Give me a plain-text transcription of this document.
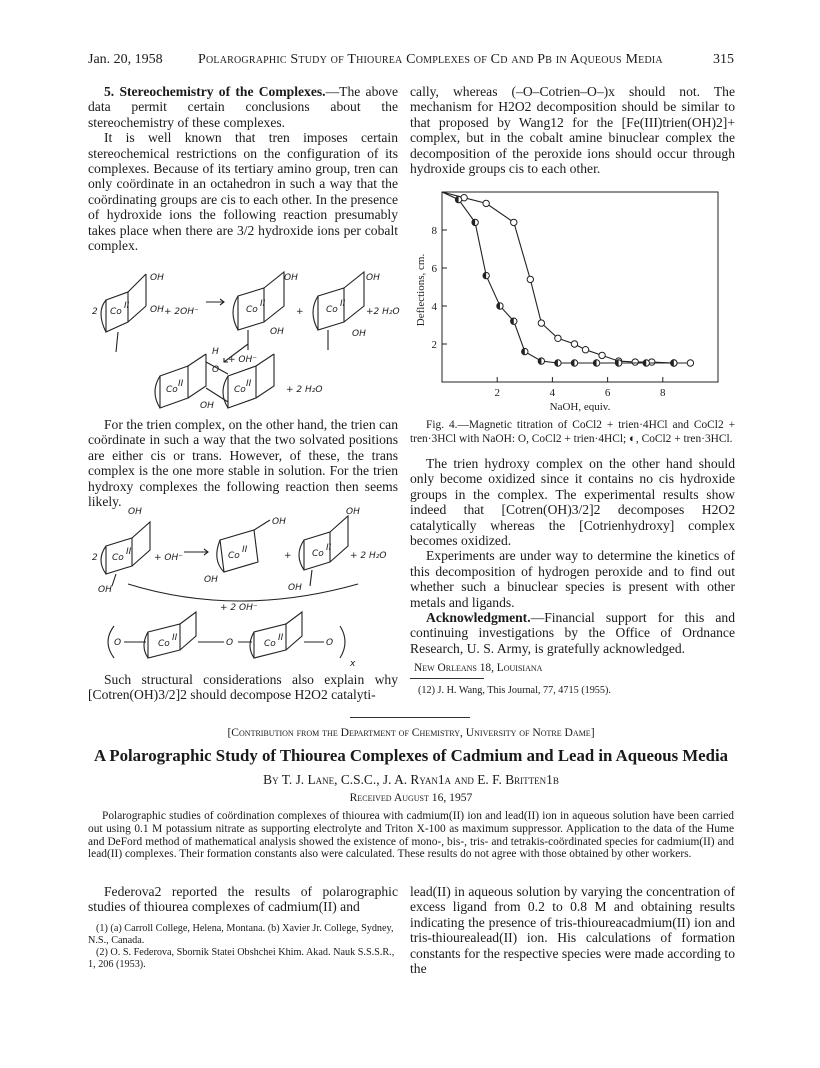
Jan. 20, 1958	Polarographic Study of Thiourea Complexes of Cd and Pb in Aqueous Media	315

5. Stereochemistry of the Complexes.—The above data permit certain conclusions about the stereochemistry of these complexes.

It is well known that tren imposes certain stereochemical restrictions on the configuration of its complexes. Because of its tertiary amino group, tren can only coördinate in an octahedron in such a way that the coördinating groups are cis to each other. In the presence of hydroxide ions the following reaction presumably takes place when there are 3/2 hydroxide ions per cobalt complex.

2 Co
II
OH
OH + 2OH⁻	Co
II
OH
OH
+ Co
II
OH
OH
+2 H₂O
+ OH⁻
H
O
Co
II
Co
II
OH
+ 2 H₂O

For the trien complex, on the other hand, the trien can coördinate in such a way that the two solvated positions are either cis or trans. However, of these, the trans complex is the one more stable in solution. For the trien hydroxy complexes the following reaction then seems likely.

2 Co
II
OH
OH
+ OH⁻	Co
II
OH
OH
+ Co
II
OH
OH
+ 2 H₂O
+ 2 OH⁻
O	Co
II	O	Co
II	O
x

Such structural considerations also explain why [Cotren(OH)3/2]2 should decompose H2O2 catalyti-

cally, whereas (–O–Cotrien–O–)x should not. The mechanism for H2O2 decomposition should be similar to that proposed by Wang12 for the [Fe(III)trien(OH)2]+ complex, but in the cobalt amine binuclear complex the decomposition of the peroxide ions should occur through hydroxide groups cis to each other.

Deflections, cm.
NaOH, equiv.
2	4	6	8
2
4
6
8

Fig. 4.—Magnetic titration of CoCl2 + trien·4HCl and CoCl2 + tren·3HCl with NaOH: O, CoCl2 + trien·4HCl; ◐, CoCl2 + tren·3HCl.

The trien hydroxy complex on the other hand should only become oxidized since it contains no cis hydroxide groups in the complex. The experimental results show indeed that [Cotren(OH)3/2]2 decomposes H2O2 catalytically whereas the [Cotrienhydroxy] complex becomes oxidized.

Experiments are under way to determine the kinetics of this decomposition of hydrogen peroxide and to find out whether such a binuclear species is present with other metals and ligands.

Acknowledgment.—Financial support for this and continuing investigations by the Office of Ordnance Research, U. S. Army, is gratefully acknowledged.

New Orleans 18, Louisiana

(12) J. H. Wang, This Journal, 77, 4715 (1955).

[Contribution from the Department of Chemistry, University of Notre Dame]
A Polarographic Study of Thiourea Complexes of Cadmium and Lead in Aqueous Media
By T. J. Lane, C.S.C., J. A. Ryan1a and E. F. Britten1b
Received August 16, 1957
Polarographic studies of coördination complexes of thiourea with cadmium(II) ion and lead(II) ion in aqueous solution have been carried out using 0.1 M potassium nitrate as supporting electrolyte and Triton X-100 as maximum suppressor. Application to the data of the Hume and DeFord method of mathematical analysis showed the existence of mono-, bis-, tris- and tetrakis-coördinated species for cadmium(II) and lead(II) complexes. Their formation constants also were calculated. These results do not agree with those obtained by other workers.

Federova2 reported the results of polarographic studies of thiourea complexes of cadmium(II) and

(1) (a) Carroll College, Helena, Montana. (b) Xavier Jr. College, Sydney, N.S., Canada.

(2) O. S. Federova, Sbornik Statei Obshchei Khim. Akad. Nauk S.S.S.R., 1, 206 (1953).

lead(II) in aqueous solution by varying the concentration of excess ligand from 0.2 to 0.8 M and obtaining results indicating the presence of tris-thioureacadmium(II) ion and tris-thiourealead(II) ion. His calculations of formation constants for the respective species were made according to the
